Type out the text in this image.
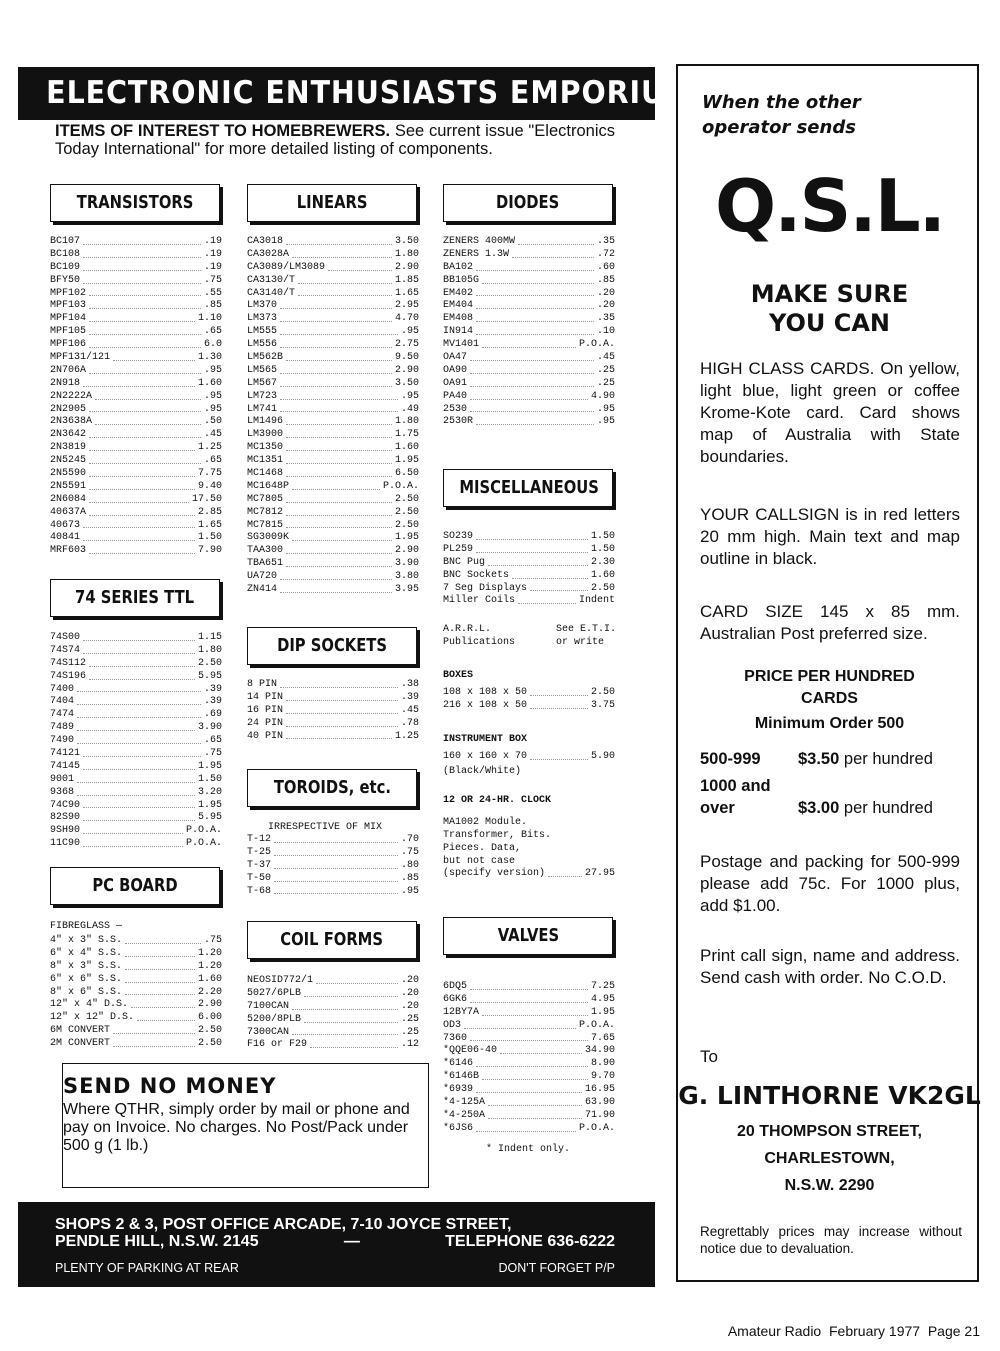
ELECTRONIC ENTHUSIASTS EMPORIUM
ITEMS OF INTEREST TO HOMEBREWERS. See current issue "Electronics Today International" for more detailed listing of components.
TRANSISTORS
BC107	.19
BC108	.19
BC109	.19
BFY50	.75
MPF102	.55
MPF103	.85
MPF104	1.10
MPF105	.65
MPF106	6.0
MPF131/121	1.30
2N706A	.95
2N918	1.60
2N2222A	.95
2N2905	.95
2N3638A	.50
2N3642	.45
2N3819	1.25
2N5245	.65
2N5590	7.75
2N5591	9.40
2N6084	17.50
40637A	2.85
40673	1.65
40841	1.50
MRF603	7.90
74 SERIES TTL
74S00	1.15
74S74	1.80
74S112	2.50
74S196	5.95
7400	.39
7404	.39
7474	.69
7489	3.90
7490	.65
74121	.75
74145	1.95
9001	1.50
9368	3.20
74C90	1.95
82S90	5.95
9SH90	P.O.A.
11C90	P.O.A.
PC BOARD
FIBREGLASS —
4" x 3" S.S.	.75
6" x 4" S.S.	1.20
8" x 3" S.S.	1.20
6" x 6" S.S.	1.60
8" x 6" S.S.	2.20
12" x 4" D.S.	2.90
12" x 12" D.S.	6.00
6M CONVERT	2.50
2M CONVERT	2.50
LINEARS
CA3018	3.50
CA3028A	1.80
CA3089/LM3089	2.90
CA3130/T	1.85
CA3140/T	1.65
LM370	2.95
LM373	4.70
LM555	.95
LM556	2.75
LM562B	9.50
LM565	2.90
LM567	3.50
LM723	.95
LM741	.49
LM1496	1.80
LM3900	1.75
MC1350	1.60
MC1351	1.95
MC1468	6.50
MC1648P	P.O.A.
MC7805	2.50
MC7812	2.50
MC7815	2.50
SG3009K	1.95
TAA300	2.90
TBA651	3.90
UA720	3.80
ZN414	3.95
DIP SOCKETS
8 PIN	.38
14 PIN	.39
16 PIN	.45
24 PIN	.78
40 PIN	1.25
TOROIDS, etc.
IRRESPECTIVE OF MIX
T-12	.70
T-25	.75
T-37	.80
T-50	.85
T-68	.95
COIL FORMS
NEOSID772/1	.20
5027/6PLB	.20
7100CAN	.20
5200/8PLB	.25
7300CAN	.25
F16 or F29	.12
DIODES
ZENERS 400MW	.35
ZENERS 1.3W	.72
BA102	.60
BB105G	.85
EM402	.20
EM404	.20
EM408	.35
IN914	.10
MV1401	P.O.A.
OA47	.45
OA90	.25
OA91	.25
PA40	4.90
2530	.95
2530R	.95
MISCELLANEOUS
SO239	1.50
PL259	1.50
BNC Pug	2.30
BNC Sockets	1.60
7 Seg Displays	2.50
Miller Coils	Indent
A.R.R.L.
Publications
See E.T.I.
or write
BOXES
108 x 108 x 50	2.50
216 x 108 x 50	3.75
INSTRUMENT BOX
160 x 160 x 70	5.90
(Black/White)
12 OR 24-HR. CLOCK
MA1002 Module.
Transformer, Bits.
Pieces. Data,
but not case
(specify version)	27.95
VALVES
6DQ5	7.25
6GK6	4.95
12BY7A	1.95
OD3	P.O.A.
7360	7.65
*QQE06-40	34.90
*6146	8.90
*6146B	9.70
*6939	16.95
*4-125A	63.90
*4-250A	71.90
*6JS6	P.O.A.
* Indent only.
SEND NO MONEY
Where QTHR, simply order by mail or phone and pay on Invoice. No charges. No Post/Pack under 500 g (1 lb.)
SHOPS 2 & 3, POST OFFICE ARCADE, 7-10 JOYCE STREET,
PENDLE HILL, N.S.W. 2145	—	TELEPHONE 636-6222
PLENTY OF PARKING AT REAR	DON'T FORGET P/P
When the other operator sends
Q.S.L.
MAKE SURE YOU CAN
HIGH CLASS CARDS. On yellow, light blue, light green or coffee Krome-Kote card. Card shows map of Australia with State boundaries.
YOUR CALLSIGN is in red letters 20 mm high. Main text and map outline in black.
CARD SIZE 145 x 85 mm. Australian Post preferred size.
PRICE PER HUNDRED CARDS
Minimum Order 500
500-999 $3.50 per hundred
1000 and over	$3.00 per hundred
Postage and packing for 500-999 please add 75c. For 1000 plus, add $1.00.
Print call sign, name and address. Send cash with order. No C.O.D.
To
G. LINTHORNE VK2GL
20 THOMPSON STREET,
CHARLESTOWN,
N.S.W. 2290
Regrettably prices may increase without notice due to devaluation.
Amateur Radio  February 1977  Page 21
